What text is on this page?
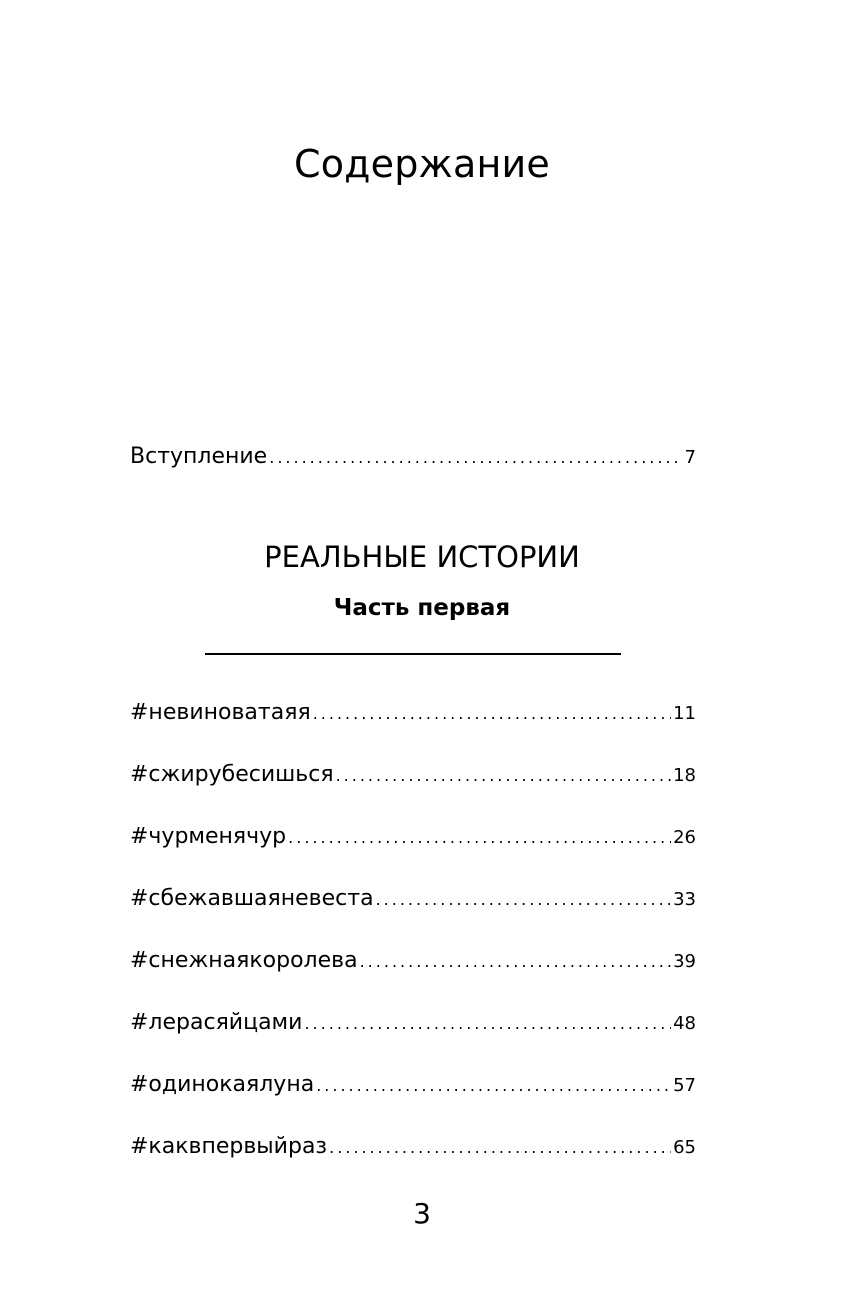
Содержание
Вступление .....	7
РЕАЛЬНЫЕ ИСТОРИИ
Часть первая
#невиноватаяя .....	11
#сжирубесишься .....	18
#чурменячур .....	26
#сбежавшаяневеста .....	33
#снежнаякоролева .....	39
#лерасяйцами .....	48
#одинокаялуна .....	57
#каквпервыйраз .....	65
3
